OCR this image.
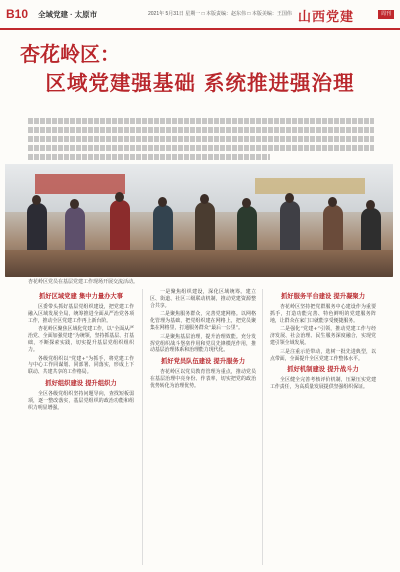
B10 全域党建 · 太原市	2021年 5月31日 星期一 □ 本版责编：赵东伟 □ 本版美编：王国伟 山西党建	周刊
杏花岭区：
区域党建强基础 系统推进强治理
杏花岭区党员在基层党建工作现场开展交流活动。
抓好区域党建 集中力量办大事

区委带头抓好基层党组织建设，把党建工作融入区域发展全局，统筹推进全面从严治党各项工作，推动全区党建工作再上新台阶。

杏花岭区聚焦区域化党建工作，以“全面从严治党、全面加强党建”为统领，坚持抓基层、打基础，不断探索实践，切实提升基层党组织组织力。

各级党组织以“党建+”为抓手，将党建工作与中心工作同谋划、同部署、同落实，形成上下联动、共建共享的工作格局。

抓好组织建设 提升组织力

全区各级党组织坚持问题导向，查找短板弱项，逐一整改落实，基层党组织的政治功能和组织力明显增强。

一是聚焦组织建设，深化区域统筹。建立区、街道、社区三级联动机制，推动党建资源整合共享。

二是聚焦服务群众，完善党建网格。以网格化管理为基础，把党组织建在网格上，把党员聚集在网格里，打通服务群众“最后一公里”。

三是聚焦基层治理，提升治理效能。充分发挥党组织战斗堡垒作用和党员先锋模范作用，推动基层治理体系和治理能力现代化。

抓好党员队伍建设 提升服务力

杏花岭区以党员教育管理为重点，推动党员在基层治理中亮身份、作表率，切实把党的政治优势转化为治理优势。

抓好服务平台建设 提升凝聚力

杏花岭区坚持把党群服务中心建设作为重要抓手，打造功能完善、特色鲜明的党建服务阵地，让群众在家门口就能享受便捷服务。

二是强化“党建+”引领，推动党建工作与经济发展、社会治理、民生服务深度融合，实现党建引领全域发展。

三是注重示范带动，选树一批先进典型，以点带面，全面提升全区党建工作整体水平。

抓好机制建设 提升战斗力

全区健全完善考核评价机制，压紧压实党建工作责任，为高质量发展提供坚强组织保证。
